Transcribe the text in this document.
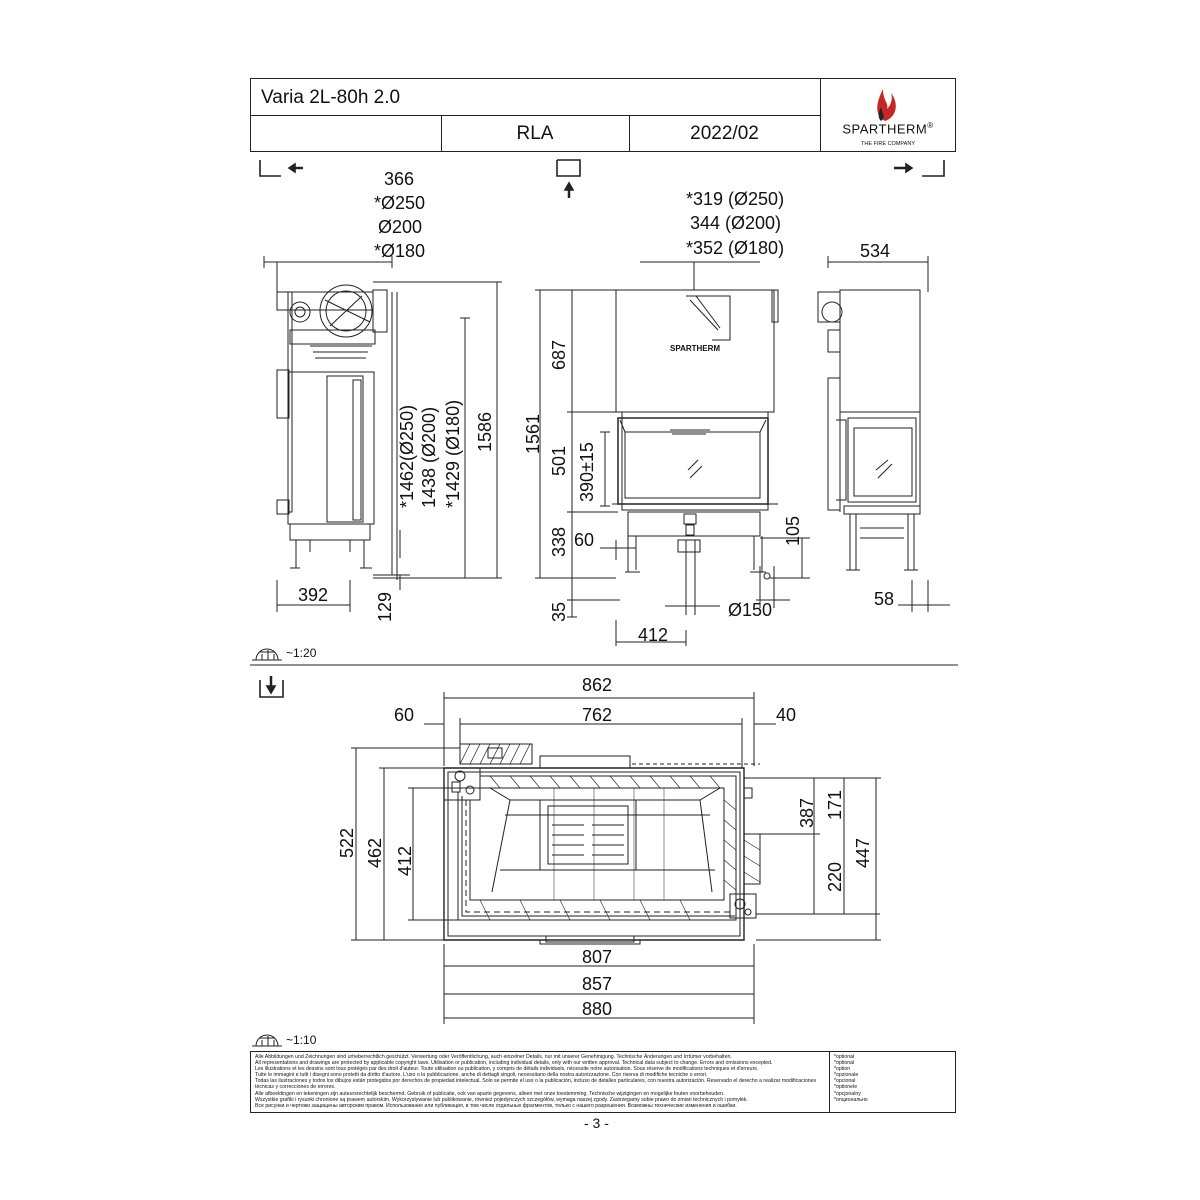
Varia 2L-80h 2.0
RLA	2022/02	SPARTHERM®
THE FIRE COMPANY
SPARTHERM
366
*Ø250
Ø200
*Ø180
*1462(Ø250) 1438 (Ø200) *1429 (Ø180) 1586
392	129
*319 (Ø250)
344 (Ø200)
*352 (Ø180)
687
1561
501 390±15
338
35
105
60
Ø150
412
534
58
~1:20
862
60	762	40
522 462 412
387 171
220
447
807
857
880
~1:10
Alle Abbildungen und Zeichnungen sind urheberrechtlich geschützt. Verwertung oder Veröffentlichung, auch einzelner Details, nur mit unserer Genehmigung. Technische Änderungen und Irrtümer vorbehalten.
All representations and drawings are protected by applicable copyright laws. Utilisation or publication, including individual details, only with our written approval. Technical data subject to change. Errors and omissions excepted.
Les illustrations et les dessins sont tous protégés par des droit d'auteur. Toute utilisation ou publication, y compris de détails individuels, nécessite notre autorisation. Sous réserve de modifications techniques et d'erreurs.
Tutte le immagini e tutti i disegni sono protetti da diritto d'autore. L'uso o la pubblicazione, anche di dettagli singoli, necessitano della nostra autorizzazione. Con riserva di modifiche tecniche o errori.
Todas las ilustraciones y todos los dibujos están protegidos por derechos de propiedad intelectual. Solo se permite el uso o la publicación, incluso de detalles particulares, con nuestra autorización. Reservado el derecho a realizar modificaciones técnicas y correcciones de errores.
Alle afbeeldingen en tekeningen zijn auteursrechtelijk beschermd. Gebruik of publicatie, ook van aparte gegevens, alleen met onze toestemming. Technische wijzigingen en mogelijke fouten voorbehouden.
Wszystkie grafiki i rysunki chronione są prawem autorskim. Wykorzystywanie lub publikowanie, również pojedynczych szczegółów, wymaga naszej zgody. Zastrzegamy sobie prawo do zmian technicznych i pomyłek.
Все рисунки и чертежи защищены авторским правом. Использование или публикация, в том числе отдельных фрагментов, только с нашего разрешения. Возможны технические изменения и ошибки.
*optional
*optional
*option
*opzionale
*opcional
*optionele
*opcjonalny
*опционально
- 3 -
